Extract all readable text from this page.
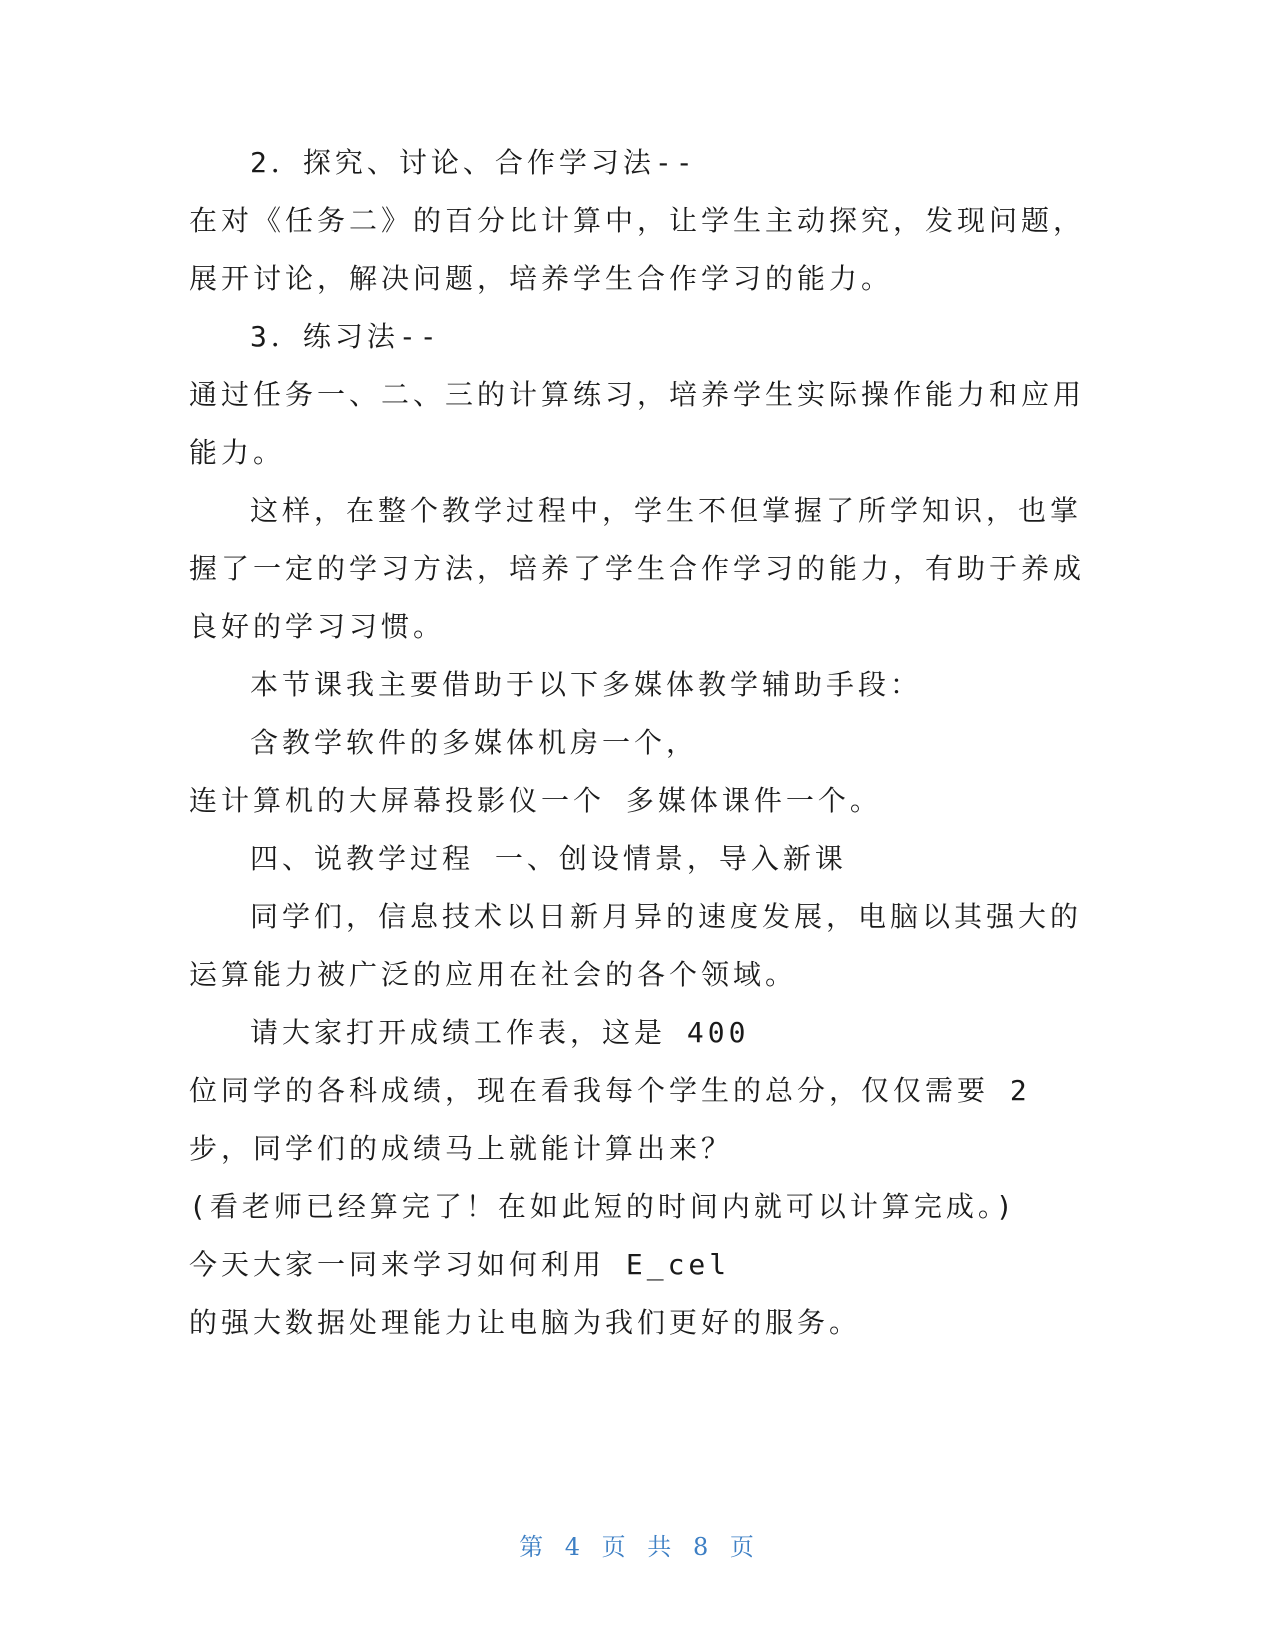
2．探究、讨论、合作学习法--
在对《任务二》的百分比计算中，让学生主动探究，发现问题，
展开讨论，解决问题，培养学生合作学习的能力。
3．练习法--
通过任务一、二、三的计算练习，培养学生实际操作能力和应用
能力。
这样，在整个教学过程中，学生不但掌握了所学知识，也掌
握了一定的学习方法，培养了学生合作学习的能力，有助于养成
良好的学习习惯。
本节课我主要借助于以下多媒体教学辅助手段：
含教学软件的多媒体机房一个，
连计算机的大屏幕投影仪一个 多媒体课件一个。
四、说教学过程 一、创设情景，导入新课
同学们，信息技术以日新月异的速度发展，电脑以其强大的
运算能力被广泛的应用在社会的各个领域。
请大家打开成绩工作表，这是 400
位同学的各科成绩，现在看我每个学生的总分，仅仅需要 2
步，同学们的成绩马上就能计算出来？
(看老师已经算完了！在如此短的时间内就可以计算完成。)
今天大家一同来学习如何利用 E_cel
的强大数据处理能力让电脑为我们更好的服务。
第 4 页 共 8 页
